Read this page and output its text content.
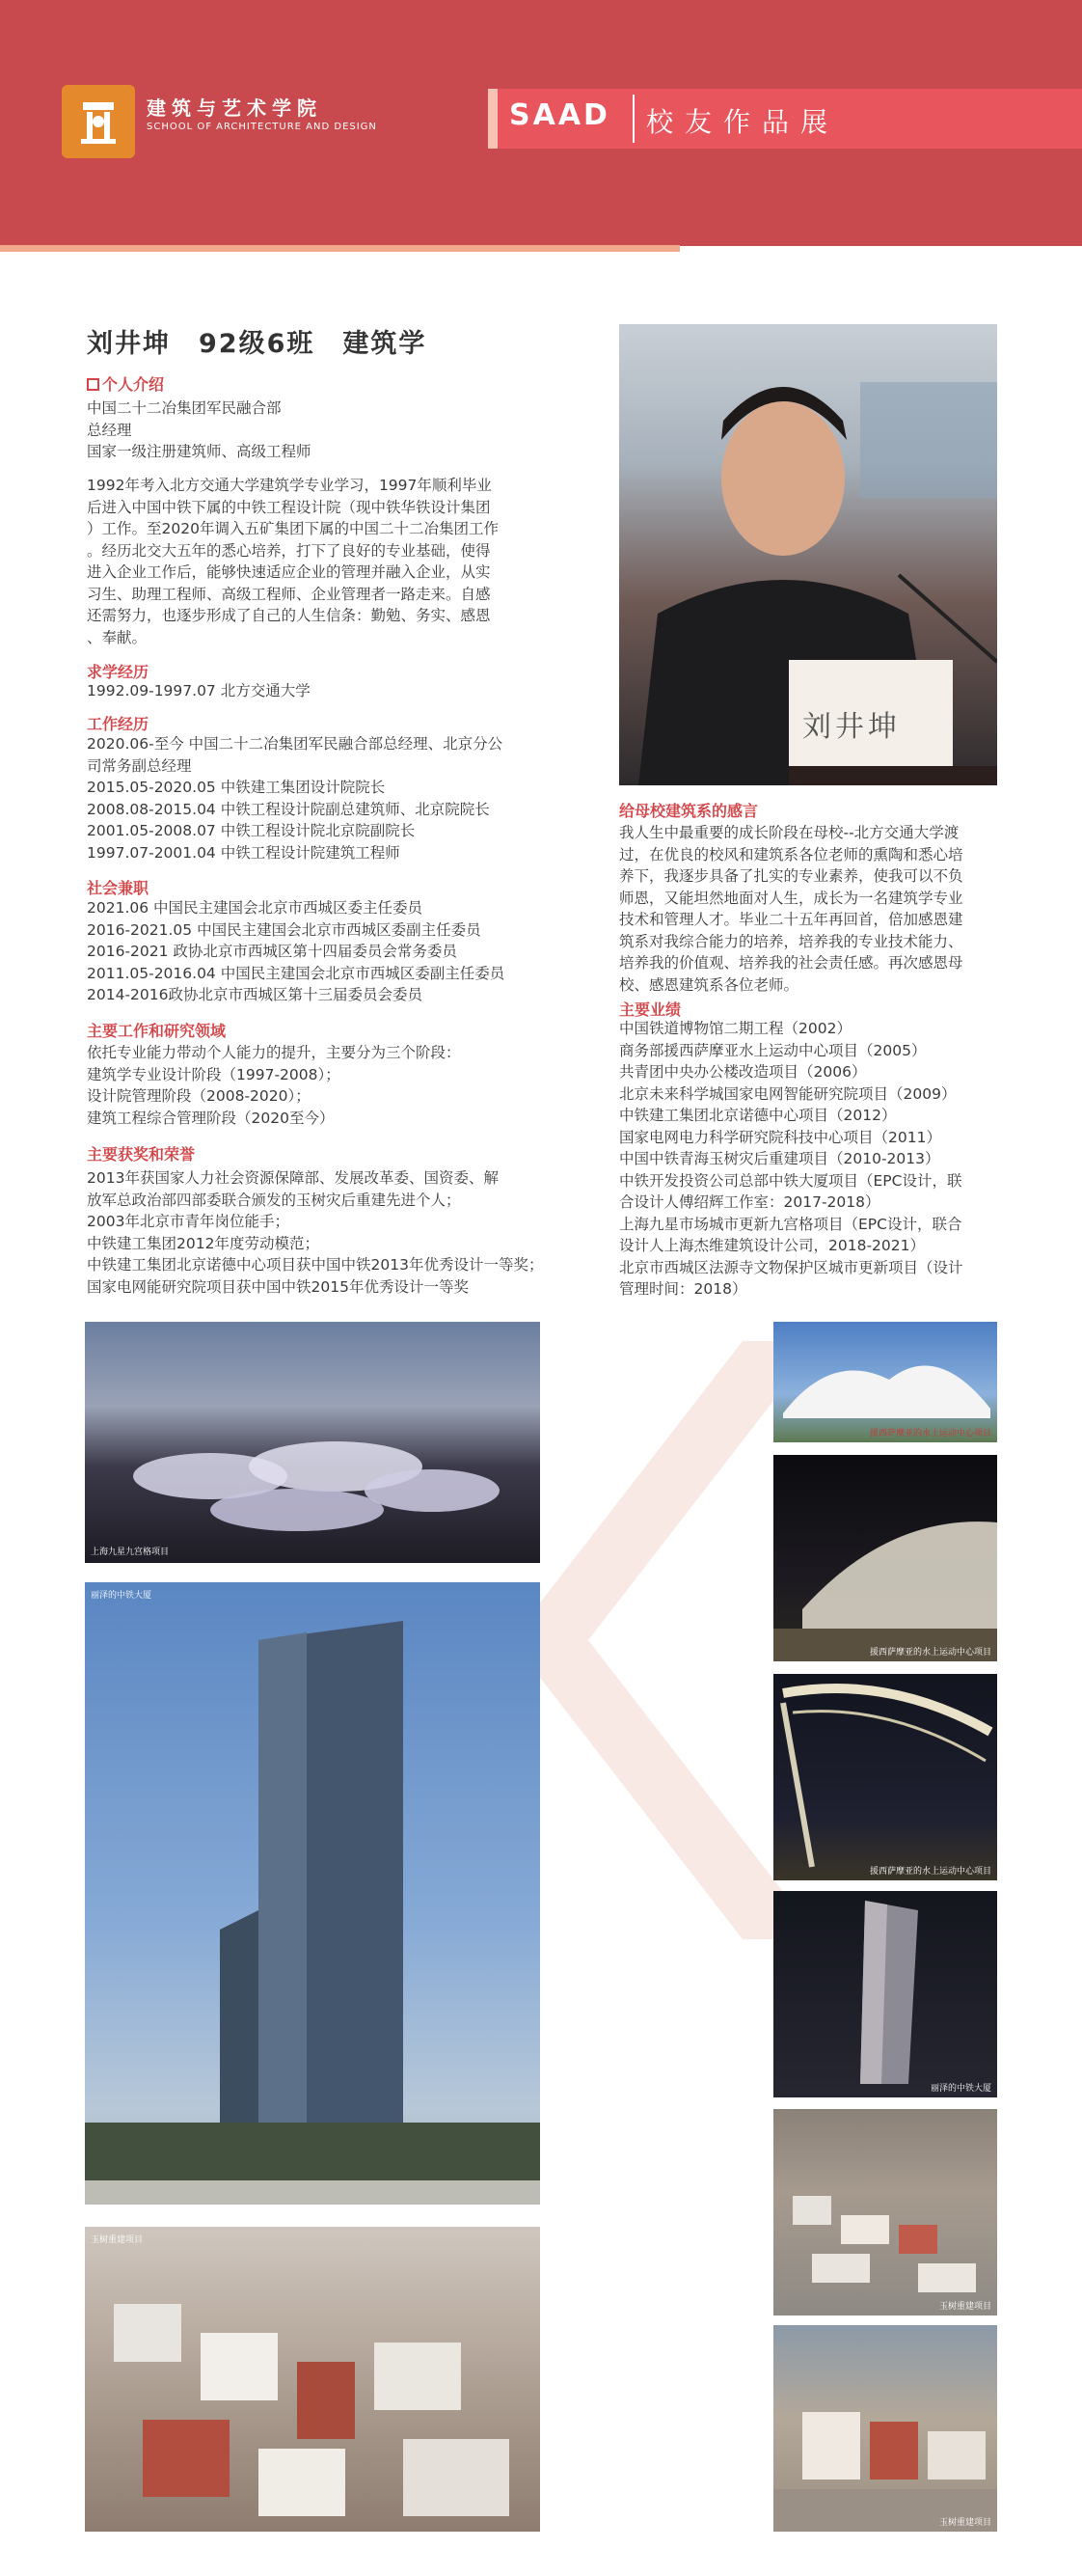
建筑与艺术学院
SCHOOL OF ARCHITECTURE AND DESIGN	SAAD 校友作品展
刘井坤　92级6班　建筑学
个人介绍
中国二十二冶集团军民融合部
总经理
国家一级注册建筑师、高级工程师
1992年考入北方交通大学建筑学专业学习，1997年顺利毕业
后进入中国中铁下属的中铁工程设计院（现中铁华铁设计集团
）工作。至2020年调入五矿集团下属的中国二十二冶集团工作
。经历北交大五年的悉心培养，打下了良好的专业基础，使得
进入企业工作后，能够快速适应企业的管理并融入企业，从实
习生、助理工程师、高级工程师、企业管理者一路走来。自感
还需努力，也逐步形成了自己的人生信条：勤勉、务实、感恩
、奉献。
求学经历
1992.09-1997.07 北方交通大学
工作经历
2020.06-至今 中国二十二冶集团军民融合部总经理、北京分公
司常务副总经理
2015.05-2020.05 中铁建工集团设计院院长
2008.08-2015.04 中铁工程设计院副总建筑师、北京院院长
2001.05-2008.07 中铁工程设计院北京院副院长
1997.07-2001.04 中铁工程设计院建筑工程师
社会兼职
2021.06 中国民主建国会北京市西城区委主任委员
2016-2021.05 中国民主建国会北京市西城区委副主任委员
2016-2021 政协北京市西城区第十四届委员会常务委员
2011.05-2016.04 中国民主建国会北京市西城区委副主任委员
2014-2016政协北京市西城区第十三届委员会委员
主要工作和研究领域
依托专业能力带动个人能力的提升，主要分为三个阶段：
建筑学专业设计阶段（1997-2008）；
设计院管理阶段（2008-2020）；
建筑工程综合管理阶段（2020至今）
主要获奖和荣誉
2013年获国家人力社会资源保障部、发展改革委、国资委、解
放军总政治部四部委联合颁发的玉树灾后重建先进个人；
2003年北京市青年岗位能手；
中铁建工集团2012年度劳动模范；
中铁建工集团北京诺德中心项目获中国中铁2013年优秀设计一等奖；
国家电网能研究院项目获中国中铁2015年优秀设计一等奖
刘井坤
给母校建筑系的感言
我人生中最重要的成长阶段在母校--北方交通大学渡
过，在优良的校风和建筑系各位老师的熏陶和悉心培
养下，我逐步具备了扎实的专业素养，使我可以不负
师恩，又能坦然地面对人生，成长为一名建筑学专业
技术和管理人才。毕业二十五年再回首，倍加感恩建
筑系对我综合能力的培养，培养我的专业技术能力、
培养我的价值观、培养我的社会责任感。再次感恩母
校、感恩建筑系各位老师。
主要业绩
中国铁道博物馆二期工程（2002）
商务部援西萨摩亚水上运动中心项目（2005）
共青团中央办公楼改造项目（2006）
北京未来科学城国家电网智能研究院项目（2009）
中铁建工集团北京诺德中心项目（2012）
国家电网电力科学研究院科技中心项目（2011）
中国中铁青海玉树灾后重建项目（2010-2013）
中铁开发投资公司总部中铁大厦项目（EPC设计，联
合设计人傅绍辉工作室：2017-2018）
上海九星市场城市更新九宫格项目（EPC设计，联合
设计人上海杰维建筑设计公司，2018-2021）
北京市西城区法源寺文物保护区城市更新项目（设计
管理时间：2018）
上海九星九宫格项目
丽泽的中铁大厦
玉树重建项目
援西萨摩亚的水上运动中心项目
援西萨摩亚的水上运动中心项目
援西萨摩亚的水上运动中心项目
丽泽的中铁大厦
玉树重建项目
玉树重建项目
